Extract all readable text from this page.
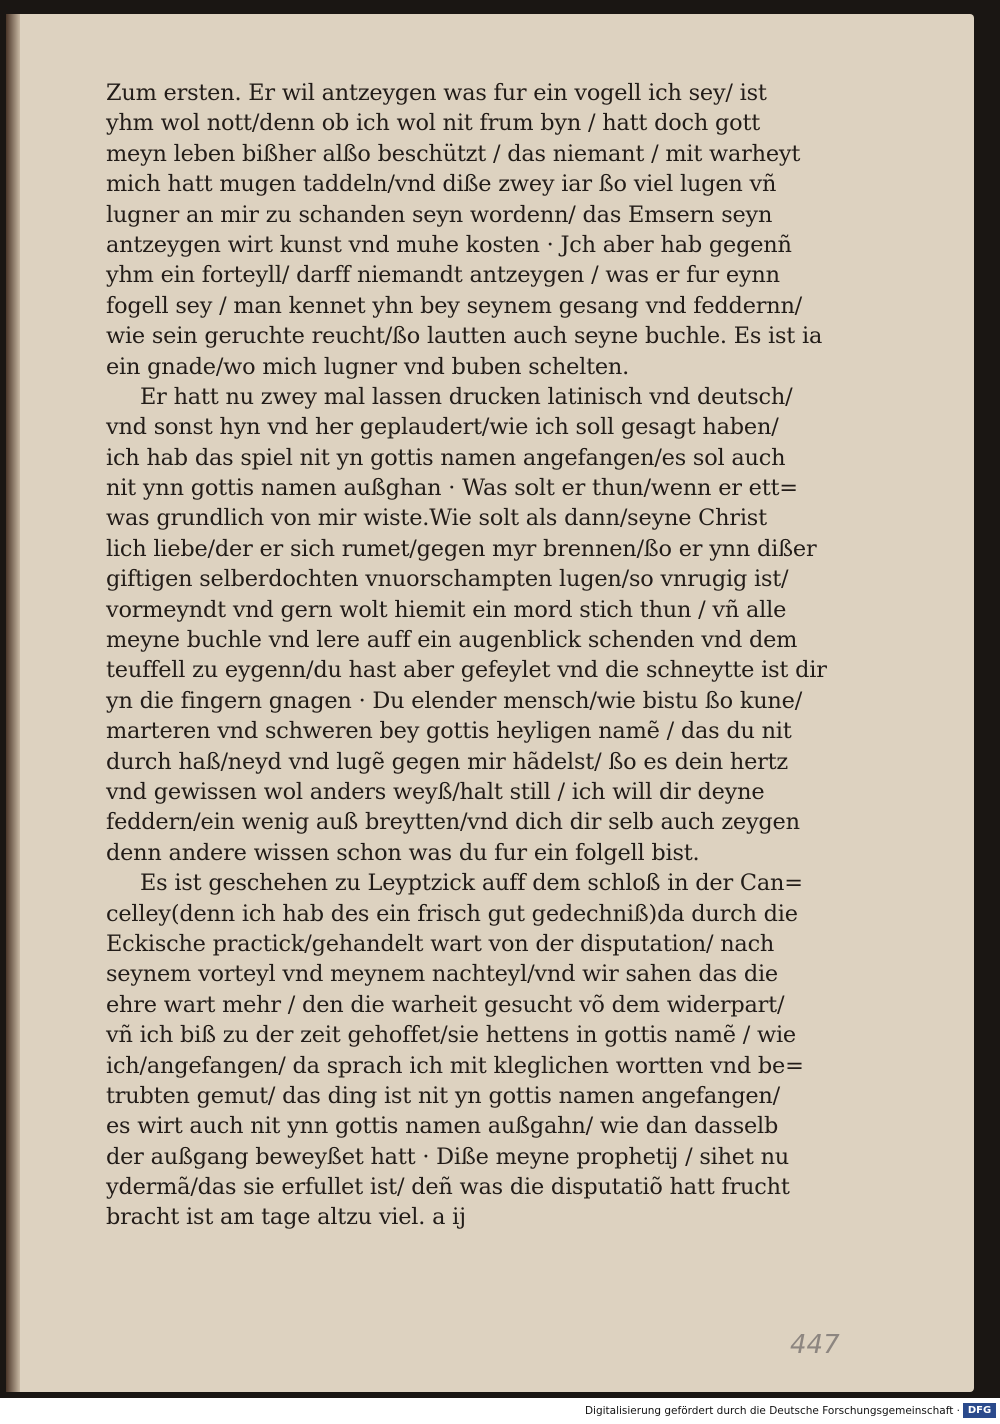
Zum ersten. Er wil antzeygen was fur ein vogell ich sey/ ist
yhm wol nott/denn ob ich wol nit frum byn / hatt doch gott
meyn leben bißher alßo beschützt / das niemant / mit warheyt
mich hatt mugen taddeln/vnd diße zwey iar ßo viel lugen vñ
lugner an mir zu schanden seyn wordenn/ das Emsern seyn
antzeygen wirt kunst vnd muhe kosten · Jch aber hab gegenñ
yhm ein forteyll/ darff niemandt antzeygen / was er fur eynn
fogell sey / man kennet yhn bey seynem gesang vnd feddernn/
wie sein geruchte reucht/ßo lautten auch seyne buchle. Es ist ia
ein gnade/wo mich lugner vnd buben schelten.
Er hatt nu zwey mal lassen drucken latinisch vnd deutsch/
vnd sonst hyn vnd her geplaudert/wie ich soll gesagt haben/
ich hab das spiel nit yn gottis namen angefangen/es sol auch
nit ynn gottis namen außghan · Was solt er thun/wenn er ett=
was grundlich von mir wiste.Wie solt als dann/seyne Christ
lich liebe/der er sich rumet/gegen myr brennen/ßo er ynn dißer
giftigen selberdochten vnuorschampten lugen/so vnrugig ist/
vormeyndt vnd gern wolt hiemit ein mord stich thun / vñ alle
meyne buchle vnd lere auff ein augenblick schenden vnd dem
teuffell zu eygenn/du hast aber gefeylet vnd die schneytte ist dir
yn die fingern gnagen · Du elender mensch/wie bistu ßo kune/
marteren vnd schweren bey gottis heyligen namẽ / das du nit
durch haß/neyd vnd lugẽ gegen mir hãdelst/ ßo es dein hertz
vnd gewissen wol anders weyß/halt still / ich will dir deyne
feddern/ein wenig auß breytten/vnd dich dir selb auch zeygen
denn andere wissen schon was du fur ein folgell bist.
Es ist geschehen zu Leyptzick auff dem schloß in der Can=
celley(denn ich hab des ein frisch gut gedechniß)da durch die
Eckische practick/gehandelt wart von der disputation/ nach
seynem vorteyl vnd meynem nachteyl/vnd wir sahen das die
ehre wart mehr / den die warheit gesucht võ dem widerpart/
vñ ich biß zu der zeit gehoffet/sie hettens in gottis namẽ / wie
ich/angefangen/ da sprach ich mit kleglichen wortten vnd be=
trubten gemut/ das ding ist nit yn gottis namen angefangen/
es wirt auch nit ynn gottis namen außgahn/ wie dan dasselb
der außgang beweyßet hatt · Diße meyne prophetij / sihet nu
ydermã/das sie erfullet ist/ deñ was die disputatiõ hatt frucht
bracht ist am tage altzu viel. a ij
447
Digitalisierung gefördert durch die Deutsche Forschungsgemeinschaft · DFG
